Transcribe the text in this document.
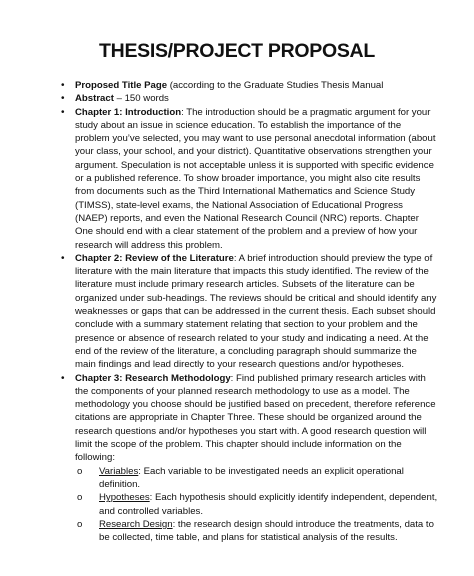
THESIS/PROJECT PROPOSAL
• Proposed Title Page (according to the Graduate Studies Thesis Manual
• Abstract – 150 words
• Chapter 1: Introduction: The introduction should be a pragmatic argument for your study about an issue in science education. To establish the importance of the problem you’ve selected, you may want to use personal anecdotal information (about your class, your school, and your district). Quantitative observations strengthen your argument. Speculation is not acceptable unless it is supported with specific evidence or a published reference. To show broader importance, you might also cite results from documents such as the Third International Mathematics and Science Study (TIMSS), state-level exams, the National Association of Educational Progress (NAEP) reports, and even the National Research Council (NRC) reports. Chapter One should end with a clear statement of the problem and a preview of how your research will address this problem.
• Chapter 2: Review of the Literature: A brief introduction should preview the type of literature with the main literature that impacts this study identified. The review of the literature must include primary research articles. Subsets of the literature can be organized under sub-headings. The reviews should be critical and should identify any weaknesses or gaps that can be addressed in the current thesis. Each subset should conclude with a summary statement relating that section to your problem and the presence or absence of research related to your study and indicating a need. At the end of the review of the literature, a concluding paragraph should summarize the main findings and lead directly to your research questions and/or hypotheses.
• Chapter 3: Research Methodology: Find published primary research articles with the components of your planned research methodology to use as a model. The methodology you choose should be justified based on precedent, therefore reference citations are appropriate in Chapter Three. These should be organized around the research questions and/or hypotheses you start with. A good research question will limit the scope of the problem. This chapter should include information on the following:
o Variables: Each variable to be investigated needs an explicit operational definition.
o Hypotheses: Each hypothesis should explicitly identify independent, dependent, and controlled variables.
o Research Design: the research design should introduce the treatments, data to be collected, time table, and plans for statistical analysis of the results.
